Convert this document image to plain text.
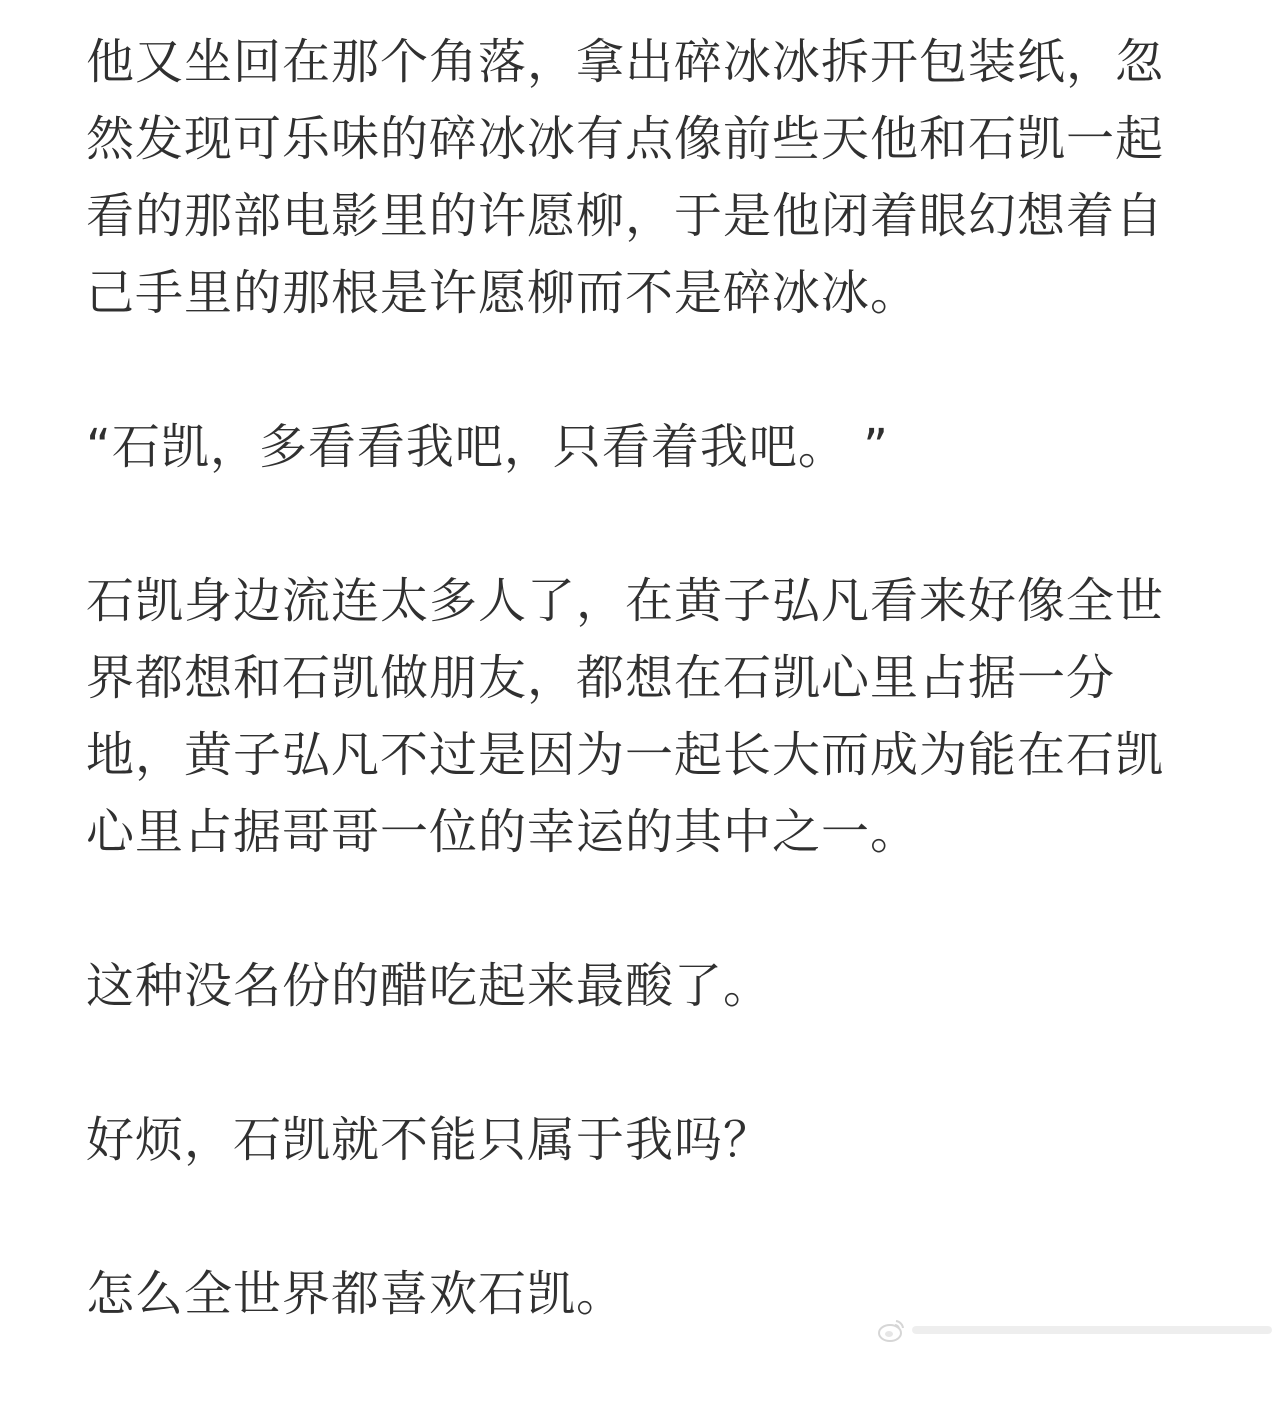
他又坐回在那个角落，拿出碎冰冰拆开包装纸，忽然发现可乐味的碎冰冰有点像前些天他和石凯一起看的那部电影里的许愿柳，于是他闭着眼幻想着自己手里的那根是许愿柳而不是碎冰冰。

“石凯，多看看我吧，只看着我吧。 ”

石凯身边流连太多人了，在黄子弘凡看来好像全世界都想和石凯做朋友，都想在石凯心里占据一分地，黄子弘凡不过是因为一起长大而成为能在石凯心里占据哥哥一位的幸运的其中之一。

这种没名份的醋吃起来最酸了。

好烦，石凯就不能只属于我吗？

怎么全世界都喜欢石凯。
